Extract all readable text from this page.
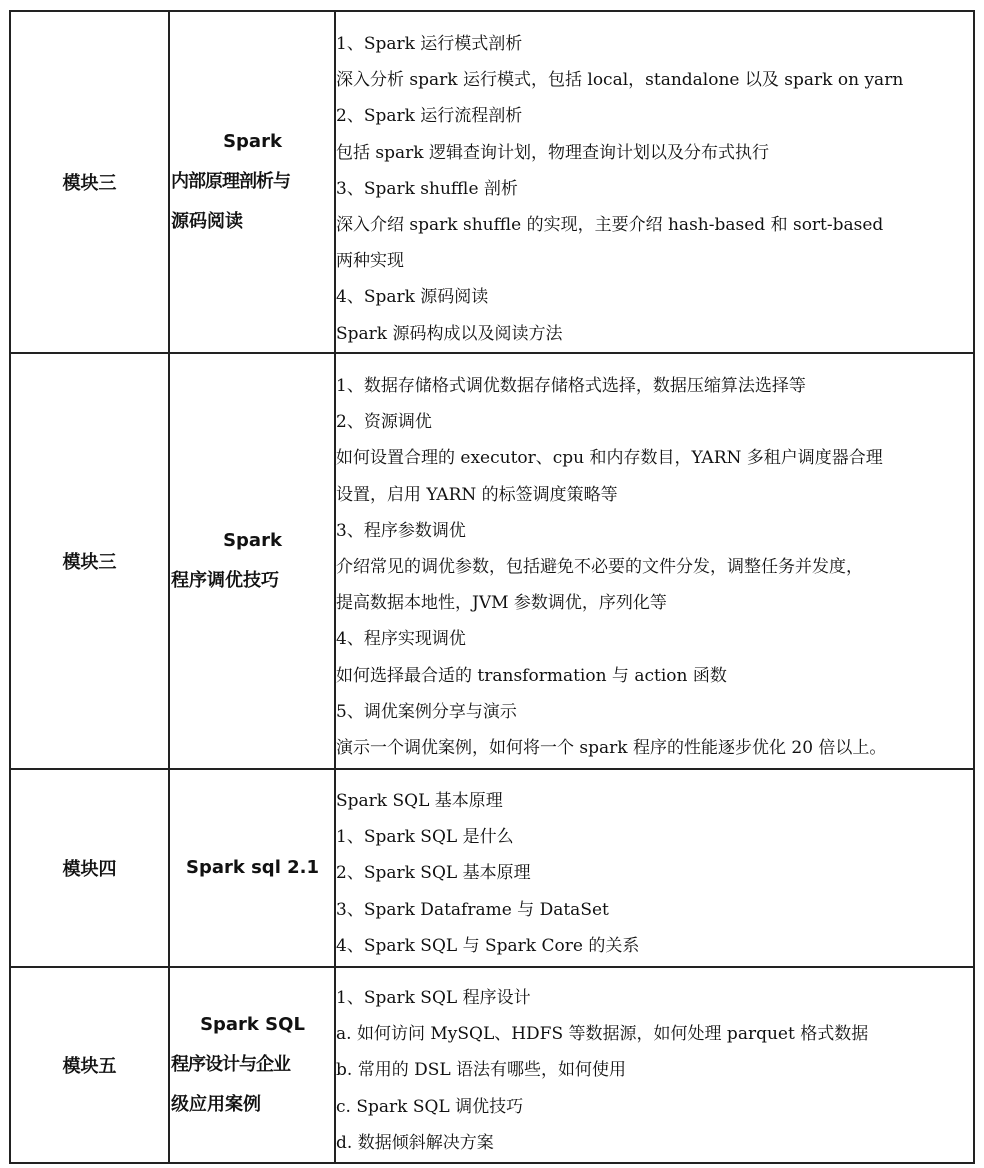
模块三
Spark
内部原理剖析与
源码阅读
1、Spark 运行模式剖析
深入分析 spark 运行模式，包括 local，standalone 以及 spark on yarn
2、Spark 运行流程剖析
包括 spark 逻辑查询计划，物理查询计划以及分布式执行
3、Spark shuffle 剖析
深入介绍 spark shuffle 的实现，主要介绍 hash-based 和 sort-based
两种实现
4、Spark 源码阅读
Spark 源码构成以及阅读方法
模块三
Spark
程序调优技巧
1、数据存储格式调优数据存储格式选择，数据压缩算法选择等
2、资源调优
如何设置合理的 executor、cpu 和内存数目，YARN 多租户调度器合理
设置，启用 YARN 的标签调度策略等
3、程序参数调优
介绍常见的调优参数，包括避免不必要的文件分发，调整任务并发度，
提高数据本地性，JVM 参数调优，序列化等
4、程序实现调优
如何选择最合适的 transformation 与 action 函数
5、调优案例分享与演示
演示一个调优案例，如何将一个 spark 程序的性能逐步优化 20 倍以上。
模块四	Spark sql 2.1
Spark SQL 基本原理
1、Spark SQL 是什么
2、Spark SQL 基本原理
3、Spark Dataframe 与 DataSet
4、Spark SQL 与 Spark Core 的关系
模块五
Spark SQL
程序设计与企业
级应用案例
1、Spark SQL 程序设计
a. 如何访问 MySQL、HDFS 等数据源，如何处理 parquet 格式数据
b. 常用的 DSL 语法有哪些，如何使用
c. Spark SQL 调优技巧
d. 数据倾斜解决方案
